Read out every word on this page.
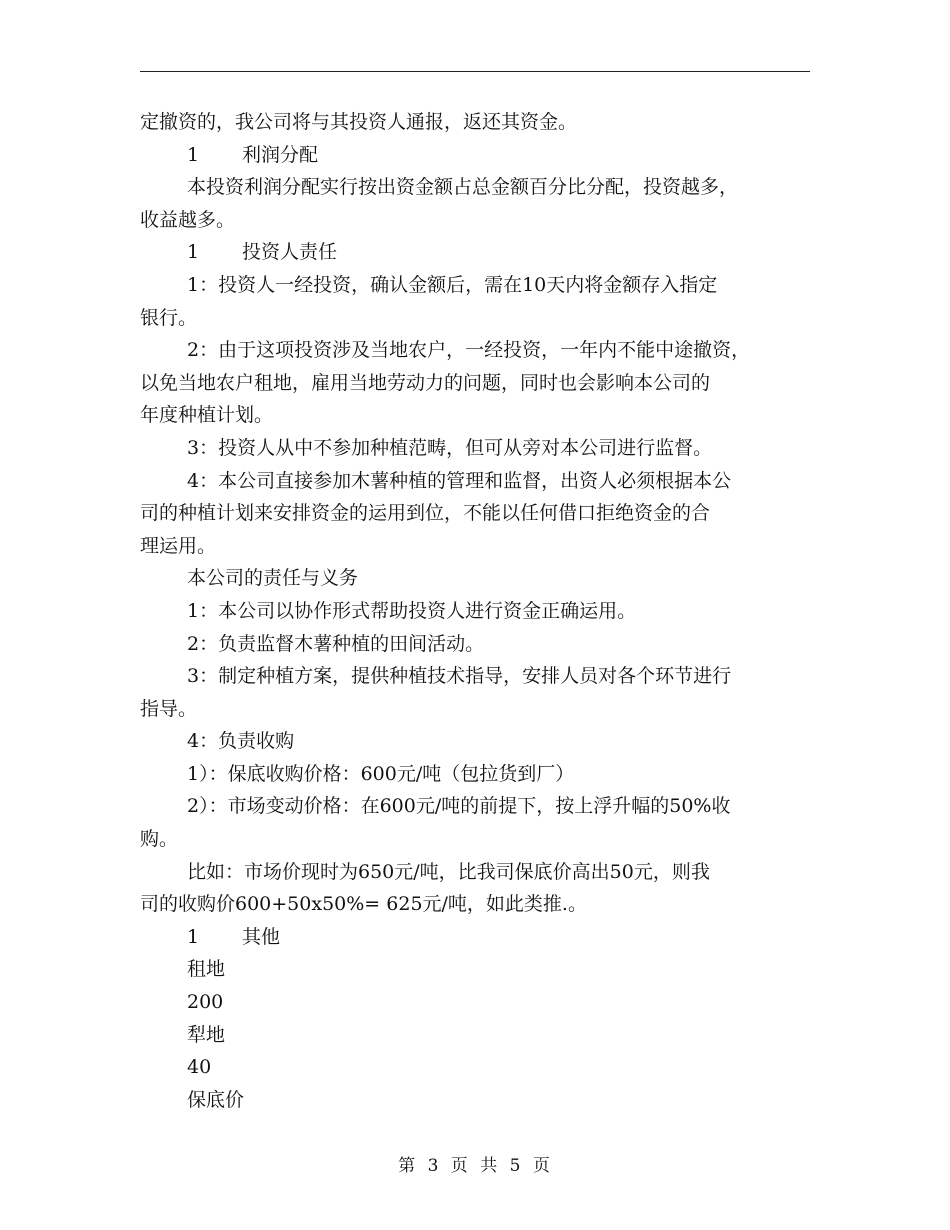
定撤资的，我公司将与其投资人通报，返还其资金。
1 利润分配
本投资利润分配实行按出资金额占总金额百分比分配，投资越多，
收益越多。
1 投资人责任
1：投资人一经投资，确认金额后，需在10天内将金额存入指定
银行。
2：由于这项投资涉及当地农户，一经投资，一年内不能中途撤资，
以免当地农户租地，雇用当地劳动力的问题，同时也会影响本公司的
年度种植计划。
3：投资人从中不参加种植范畴，但可从旁对本公司进行监督。
4：本公司直接参加木薯种植的管理和监督，出资人必须根据本公
司的种植计划来安排资金的运用到位，不能以任何借口拒绝资金的合
理运用。
本公司的责任与义务
1：本公司以协作形式帮助投资人进行资金正确运用。
2：负责监督木薯种植的田间活动。
3：制定种植方案，提供种植技术指导，安排人员对各个环节进行
指导。
4：负责收购
1）：保底收购价格：600元/吨（包拉货到厂）
2）：市场变动价格：在600元/吨的前提下，按上浮升幅的50%收
购。
比如：市场价现时为650元/吨，比我司保底价高出50元，则我
司的收购价600+50x50%= 625元/吨，如此类推.。
1 其他
租地
200
犁地
40
保底价
第 3 页 共 5 页
